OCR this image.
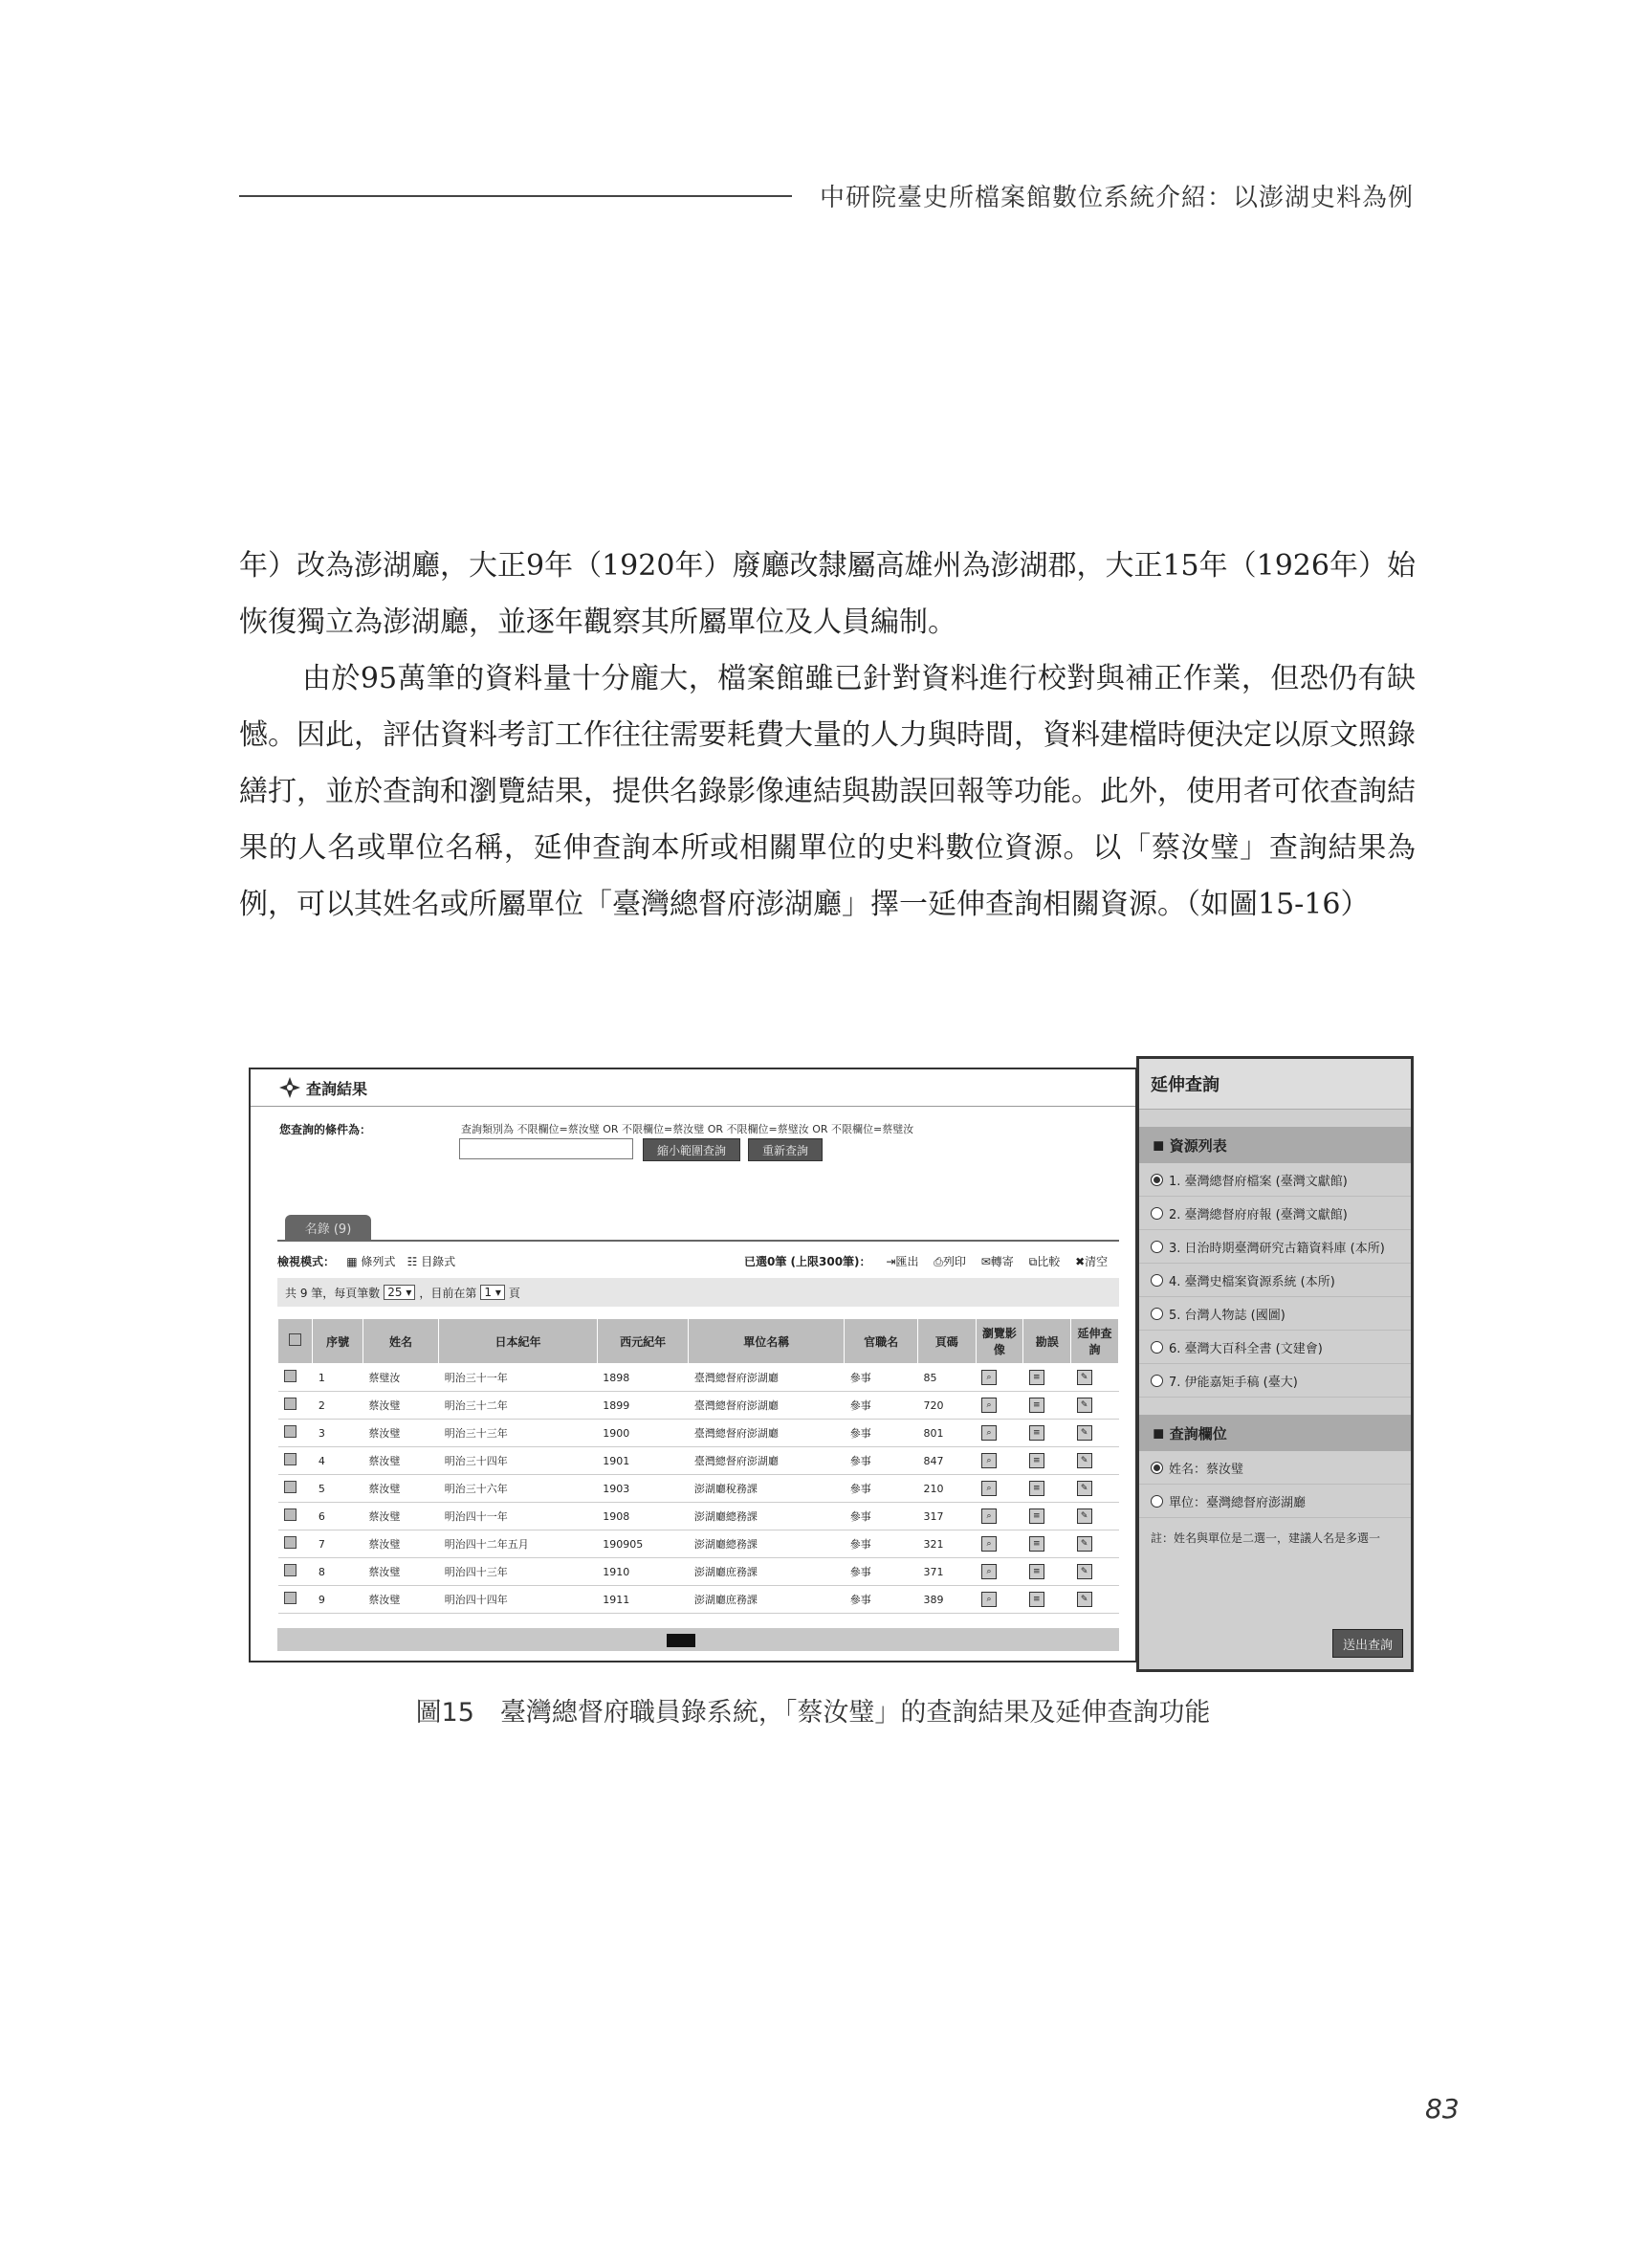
中研院臺史所檔案館數位系統介紹：以澎湖史料為例

年）改為澎湖廳，大正9年（1920年）廢廳改隸屬高雄州為澎湖郡，大正15年（1926年）始恢復獨立為澎湖廳，並逐年觀察其所屬單位及人員編制。

由於95萬筆的資料量十分龐大，檔案館雖已針對資料進行校對與補正作業，但恐仍有缺憾。因此，評估資料考訂工作往往需要耗費大量的人力與時間，資料建檔時便決定以原文照錄繕打，並於查詢和瀏覽結果，提供名錄影像連結與勘誤回報等功能。此外，使用者可依查詢結果的人名或單位名稱，延伸查詢本所或相關單位的史料數位資源。以「蔡汝璧」查詢結果為例，可以其姓名或所屬單位「臺灣總督府澎湖廳」擇一延伸查詢相關資源。（如圖15-16）

查詢結果
您查詢的條件為：	查詢類別為 不限欄位=蔡汝璧 OR 不限欄位=蔡汝璧 OR 不限欄位=蔡璧汝 OR 不限欄位=蔡璧汝
縮小範圍查詢	重新查詢
名錄 (9)
檢視模式： ▦ 條列式 ☷ 目錄式	已選0筆 (上限300筆)： ⇥匯出 ⎙列印 ✉轉寄 ⧉比較 ✖清空
共 9 筆，每頁筆數 25 ▾ ，目前在第 1 ▾ 頁
	序號	姓名	日本紀年	西元紀年	單位名稱	官職名	頁碼	瀏覽影像	勘誤	延伸查詢
	1	蔡璧汝	明治三十一年	1898	臺灣總督府澎湖廳	參事	85	⌕	≡	✎
	2	蔡汝璧	明治三十二年	1899	臺灣總督府澎湖廳	參事	720	⌕	≡	✎
	3	蔡汝璧	明治三十三年	1900	臺灣總督府澎湖廳	參事	801	⌕	≡	✎
	4	蔡汝璧	明治三十四年	1901	臺灣總督府澎湖廳	參事	847	⌕	≡	✎
	5	蔡汝璧	明治三十六年	1903	澎湖廳稅務課	參事	210	⌕	≡	✎
	6	蔡汝璧	明治四十一年	1908	澎湖廳總務課	參事	317	⌕	≡	✎
	7	蔡汝璧	明治四十二年五月	190905	澎湖廳總務課	參事	321	⌕	≡	✎
	8	蔡汝璧	明治四十三年	1910	澎湖廳庶務課	參事	371	⌕	≡	✎
	9	蔡汝璧	明治四十四年	1911	澎湖廳庶務課	參事	389	⌕	≡	✎
延伸查詢
◼ 資源列表
1. 臺灣總督府檔案 (臺灣文獻館)
2. 臺灣總督府府報 (臺灣文獻館)
3. 日治時期臺灣研究古籍資料庫 (本所)
4. 臺灣史檔案資源系統 (本所)
5. 台灣人物誌 (國圖)
6. 臺灣大百科全書 (文建會)
7. 伊能嘉矩手稿 (臺大)
◼ 查詢欄位
姓名：蔡汝璧
單位：臺灣總督府澎湖廳
註：姓名與單位是二選一，建議人名是多選一
送出查詢
圖15　臺灣總督府職員錄系統，「蔡汝璧」的查詢結果及延伸查詢功能
83
